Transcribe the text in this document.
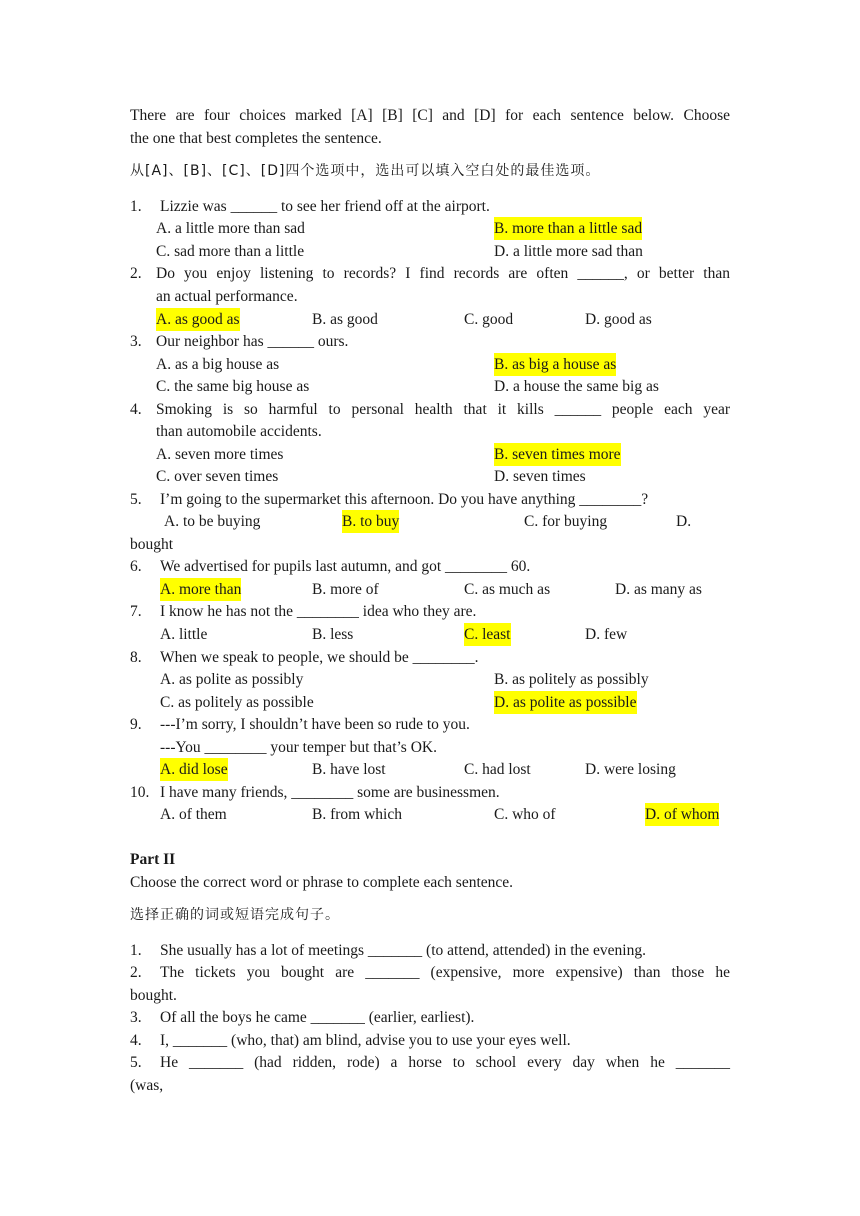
There are four choices marked [A] [B] [C] and [D] for each sentence below. Choose
the one that best completes the sentence.
从[A]、[B]、[C]、[D]四个选项中，选出可以填入空白处的最佳选项。
1. Lizzie was ______ to see her friend off at the airport.
A. a little more than sad	B. more than a little sad
C. sad more than a little	D. a little more sad than
2. Do you enjoy listening to records? I find records are often ______, or better than
an actual performance.
A. as good as	B. as good	C. good	D. good as
3. Our neighbor has ______ ours.
A. as a big house as	B. as big a house as
C. the same big house as	D. a house the same big as
4. Smoking is so harmful to personal health that it kills ______ people each year
than automobile accidents.
A. seven more times	B. seven times more
C. over seven times	D. seven times
5. I’m going to the supermarket this afternoon. Do you have anything ________?
A. to be buying	B. to buy	C. for buying	D.
bought
6. We advertised for pupils last autumn, and got ________ 60.
A. more than	B. more of	C. as much as	D. as many as
7. I know he has not the ________ idea who they are.
A. little	B. less	C. least	D. few
8. When we speak to people, we should be ________.
A. as polite as possibly	B. as politely as possibly
C. as politely as possible	D. as polite as possible
9. ---I’m sorry, I shouldn’t have been so rude to you.
---You ________ your temper but that’s OK.
A. did lose	B. have lost	C. had lost	D. were losing
10. I have many friends, ________ some are businessmen.
A. of them	B. from which	C. who of	D. of whom
Part II
Choose the correct word or phrase to complete each sentence.
选择正确的词或短语完成句子。
1. She usually has a lot of meetings _______ (to attend, attended) in the evening.
2. The tickets you bought are _______ (expensive, more expensive) than those he
bought.
3. Of all the boys he came _______ (earlier, earliest).
4. I, _______ (who, that) am blind, advise you to use your eyes well.
5. He _______ (had ridden, rode) a horse to school every day when he _______
(was,
